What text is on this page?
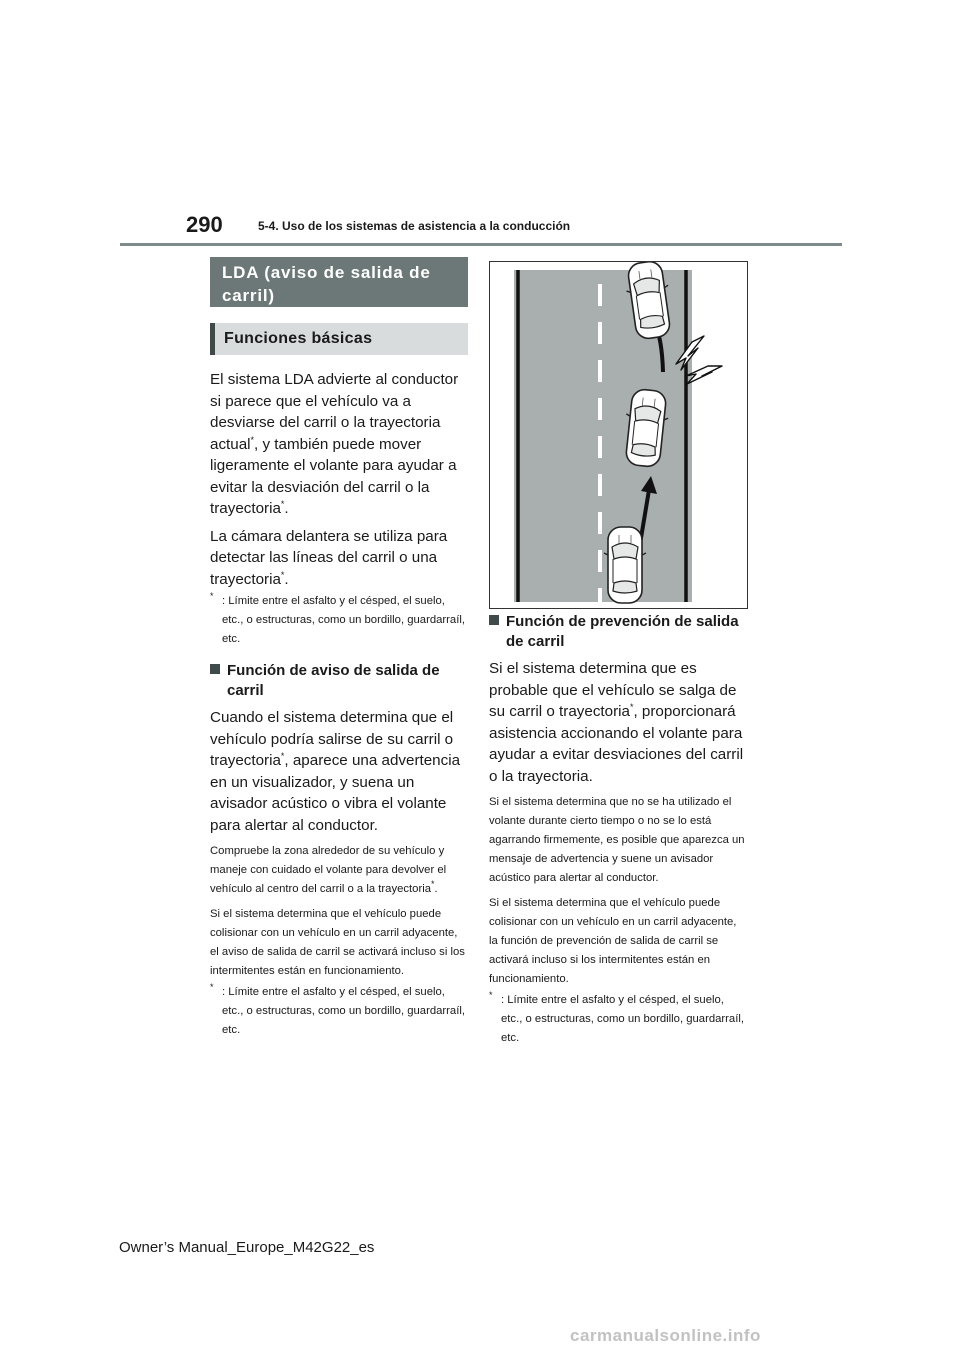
290	5-4. Uso de los sistemas de asistencia a la conducción
LDA (aviso de salida de carril)
Funciones básicas

El sistema LDA advierte al conductor si parece que el vehículo va a desviarse del carril o la trayectoria actual*, y también puede mover ligeramente el volante para ayudar a evitar la desviación del carril o la trayectoria*.

La cámara delantera se utiliza para detectar las líneas del carril o una trayectoria*.

* : Límite entre el asfalto y el césped, el suelo, etc., o estructuras, como un bordillo, guardarraíl, etc.

Función de aviso de salida de carril

Cuando el sistema determina que el vehículo podría salirse de su carril o trayectoria*, aparece una advertencia en un visualizador, y suena un avisador acústico o vibra el volante para alertar al conductor.

Compruebe la zona alrededor de su vehículo y maneje con cuidado el volante para devolver el vehículo al centro del carril o a la trayectoria*.

Si el sistema determina que el vehículo puede colisionar con un vehículo en un carril adyacente, el aviso de salida de carril se activará incluso si los intermitentes están en funcionamiento.

* : Límite entre el asfalto y el césped, el suelo, etc., o estructuras, como un bordillo, guardarraíl, etc.

Función de prevención de salida de carril

Si el sistema determina que es probable que el vehículo se salga de su carril o trayectoria*, proporcionará asistencia accionando el volante para ayudar a evitar desviaciones del carril o la trayectoria.

Si el sistema determina que no se ha utilizado el volante durante cierto tiempo o no se lo está agarrando firmemente, es posible que aparezca un mensaje de advertencia y suene un avisador acústico para alertar al conductor.

Si el sistema determina que el vehículo puede colisionar con un vehículo en un carril adyacente, la función de prevención de salida de carril se activará incluso si los intermitentes están en funcionamiento.

* : Límite entre el asfalto y el césped, el suelo, etc., o estructuras, como un bordillo, guardarraíl, etc.

Owner’s Manual_Europe_M42G22_es
carmanualsonline.info
